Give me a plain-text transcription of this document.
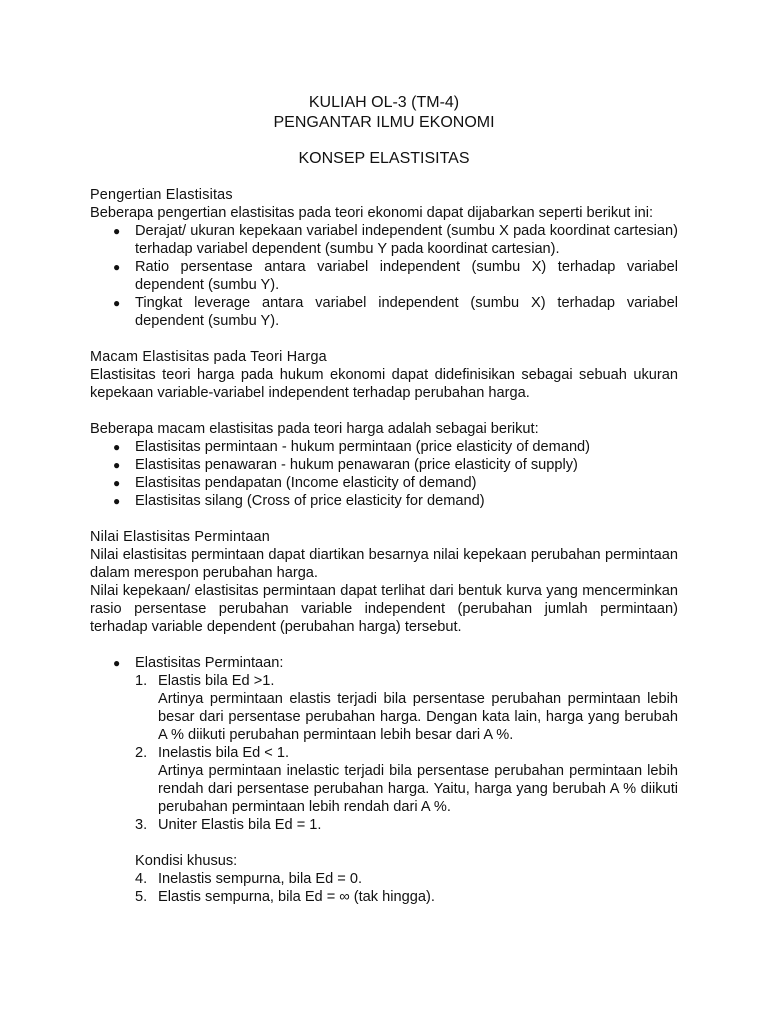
KULIAH OL-3 (TM-4)
PENGANTAR ILMU EKONOMI
KONSEP ELASTISITAS
Pengertian Elastisitas

Beberapa pengertian elastisitas pada teori ekonomi dapat dijabarkan seperti berikut ini:

● Derajat/ ukuran kepekaan variabel independent (sumbu X pada koordinat cartesian) terhadap variabel dependent (sumbu Y pada koordinat cartesian).
● Ratio persentase antara variabel independent (sumbu X) terhadap variabel dependent (sumbu Y).
● Tingkat leverage antara variabel independent (sumbu X) terhadap variabel dependent (sumbu Y).
Macam Elastisitas pada Teori Harga

Elastisitas teori harga pada hukum ekonomi dapat didefinisikan sebagai sebuah ukuran kepekaan variable-variabel independent terhadap perubahan harga.

Beberapa macam elastisitas pada teori harga adalah sebagai berikut:

● Elastisitas permintaan - hukum permintaan (price elasticity of demand)
● Elastisitas penawaran - hukum penawaran (price elasticity of supply)
● Elastisitas pendapatan (Income elasticity of demand)
● Elastisitas silang (Cross of price elasticity for demand)
Nilai Elastisitas Permintaan

Nilai elastisitas permintaan dapat diartikan besarnya nilai kepekaan perubahan permintaan dalam merespon perubahan harga.

Nilai kepekaan/ elastisitas permintaan dapat terlihat dari bentuk kurva yang mencerminkan rasio persentase perubahan variable independent (perubahan jumlah permintaan) terhadap variable dependent (perubahan harga) tersebut.

● Elastisitas Permintaan:
1. Elastis bila Ed >1.
Artinya permintaan elastis terjadi bila persentase perubahan permintaan lebih besar dari persentase perubahan harga. Dengan kata lain, harga yang berubah A % diikuti perubahan permintaan lebih besar dari A %.
2. Inelastis bila Ed < 1.
Artinya permintaan inelastic terjadi bila persentase perubahan permintaan lebih rendah dari persentase perubahan harga. Yaitu, harga yang berubah A % diikuti perubahan permintaan lebih rendah dari A %.
3. Uniter Elastis bila Ed = 1.
Kondisi khusus:
4. Inelastis sempurna, bila Ed = 0.
5. Elastis sempurna, bila Ed = ∞ (tak hingga).
